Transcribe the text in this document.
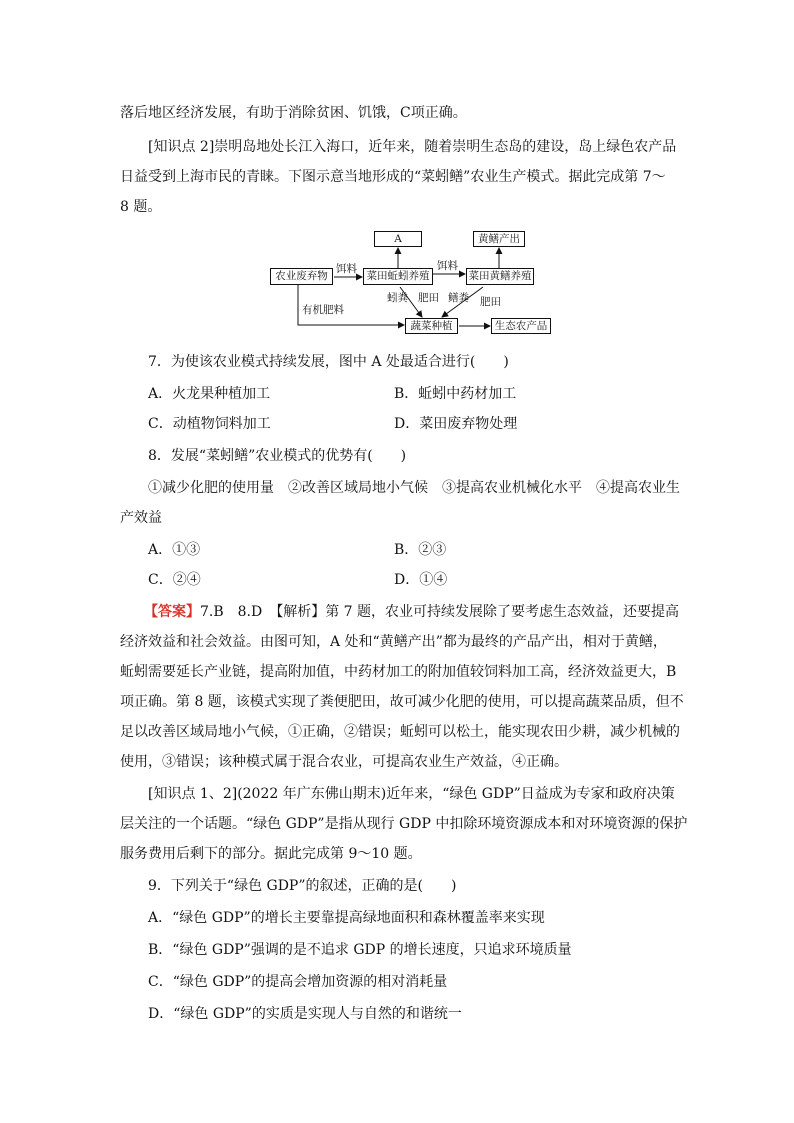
落后地区经济发展，有助于消除贫困、饥饿，C项正确。
[知识点 2]崇明岛地处长江入海口，近年来，随着崇明生态岛的建设，岛上绿色农产品
日益受到上海市民的青睐。下图示意当地形成的“菜蚓鳝”农业生产模式。据此完成第 7～
8 题。
A	黄鳝产出
农业废弃物	菜田蚯蚓养殖	菜田黄鳝养殖
蔬菜种植	生态农产品
饵料	饵料
蚓粪 肥田 鳝粪 肥田
有机肥料
7．为使该农业模式持续发展，图中 A 处最适合进行(　　)
A．火龙果种植加工	B．蚯蚓中药材加工
C．动植物饲料加工	D．菜田废弃物处理
8．发展“菜蚓鳝”农业模式的优势有(　　)
①减少化肥的使用量　②改善区域局地小气候　③提高农业机械化水平　④提高农业生
产效益
A．①③	B．②③
C．②④	D．①④
【答案】7.B　8.D　【解析】第 7 题，农业可持续发展除了要考虑生态效益，还要提高
经济效益和社会效益。由图可知，A 处和“黄鳝产出”都为最终的产品产出，相对于黄鳝，
蚯蚓需要延长产业链，提高附加值，中药材加工的附加值较饲料加工高，经济效益更大，B
项正确。第 8 题，该模式实现了粪便肥田，故可减少化肥的使用，可以提高蔬菜品质，但不
足以改善区域局地小气候，①正确，②错误；蚯蚓可以松土，能实现农田少耕，减少机械的
使用，③错误；该种模式属于混合农业，可提高农业生产效益，④正确。
[知识点 1、2](2022 年广东佛山期末)近年来，“绿色 GDP”日益成为专家和政府决策
层关注的一个话题。“绿色 GDP”是指从现行 GDP 中扣除环境资源成本和对环境资源的保护
服务费用后剩下的部分。据此完成第 9～10 题。
9．下列关于“绿色 GDP”的叙述，正确的是(　　)
A．“绿色 GDP”的增长主要靠提高绿地面积和森林覆盖率来实现
B．“绿色 GDP”强调的是不追求 GDP 的增长速度，只追求环境质量
C．“绿色 GDP”的提高会增加资源的相对消耗量
D．“绿色 GDP”的实质是实现人与自然的和谐统一
